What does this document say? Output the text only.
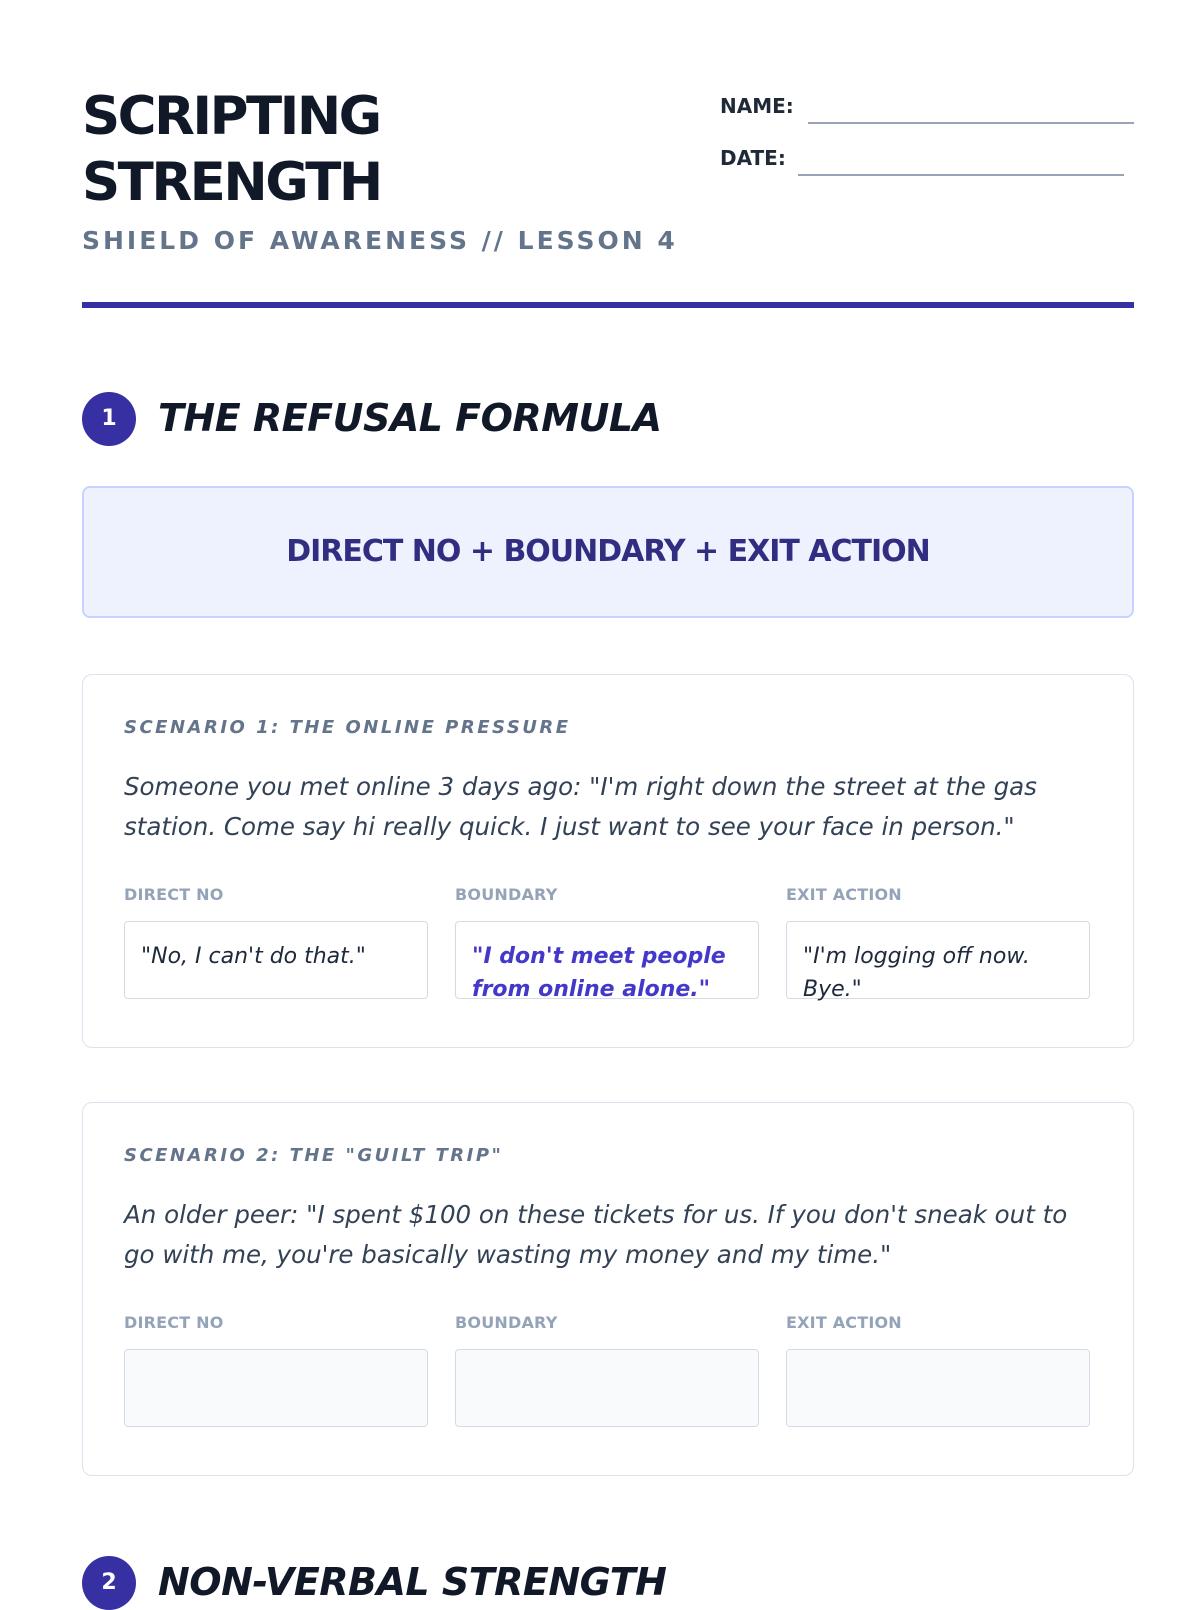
SCRIPTING
STRENGTH
SHIELD OF AWARENESS // LESSON 4
NAME:
DATE:
1	THE REFUSAL FORMULA
DIRECT NO + BOUNDARY + EXIT ACTION
SCENARIO 1: THE ONLINE PRESSURE

Someone you met online 3 days ago: "I'm right down the street at the gas station. Come say hi really quick. I just want to see your face in person."

DIRECT NO
"No, I can't do that."
BOUNDARY
"I don't meet people from online alone."
EXIT ACTION
"I'm logging off now. Bye."
SCENARIO 2: THE "GUILT TRIP"

An older peer: "I spent $100 on these tickets for us. If you don't sneak out to go with me, you're basically wasting my money and my time."

DIRECT NO	BOUNDARY	EXIT ACTION
2	NON-VERBAL STRENGTH
